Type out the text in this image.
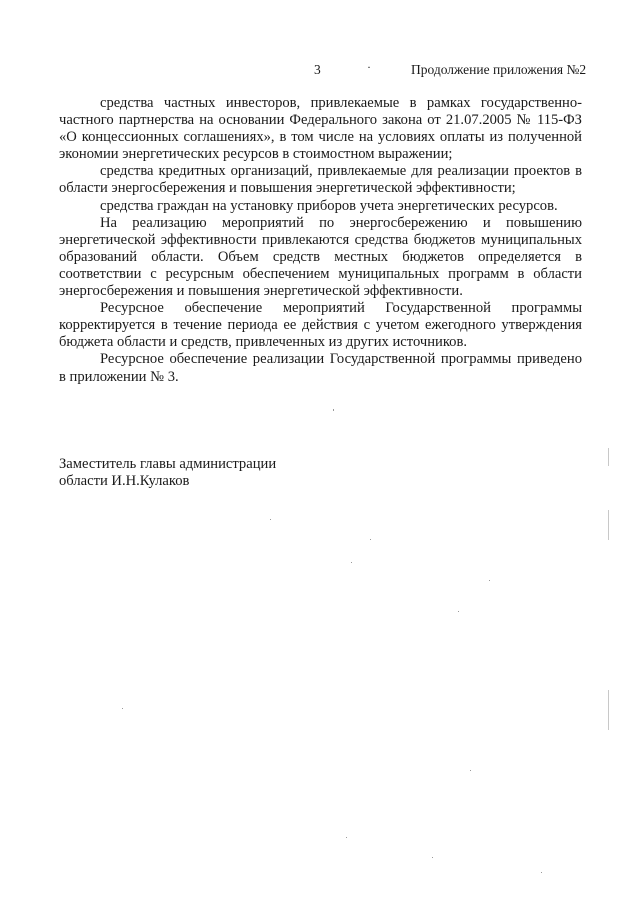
3	·	Продолжение приложения №2

средства частных инвесторов, привлекаемые в рамках государственно-частного партнерства на основании Федерального закона от 21.07.2005 № 115-ФЗ «О концессионных соглашениях», в том числе на условиях оплаты из полученной экономии энергетических ресурсов в стоимостном выражении;

средства кредитных организаций, привлекаемые для реализации проектов в области энергосбережения и повышения энергетической эффективности;

средства граждан на установку приборов учета энергетических ресурсов.

На реализацию мероприятий по энергосбережению и повышению энергетической эффективности привлекаются средства бюджетов муниципальных образований области. Объем средств местных бюджетов определяется в соответствии с ресурсным обеспечением муниципальных программ в области энергосбережения и повышения энергетической эффективности.

Ресурсное обеспечение мероприятий Государственной программы корректируется в течение периода ее действия с учетом ежегодного утверждения бюджета области и средств, привлеченных из других источников.

Ресурсное обеспечение реализации Государственной программы приведено в приложении № 3.

Заместитель главы администрации
области И.Н.Кулаков
